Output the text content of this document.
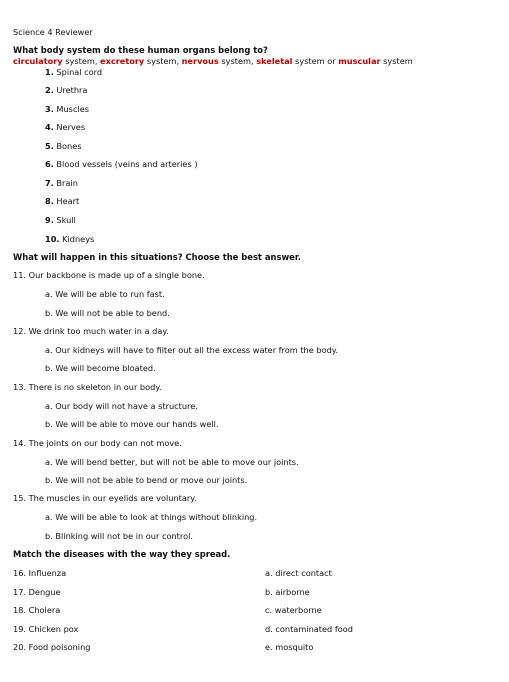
Science 4 Reviewer
What body system do these human organs belong to?
circulatory system, excretory system, nervous system, skeletal system or muscular system
1. Spinal cord
2. Urethra
3. Muscles
4. Nerves
5. Bones
6. Blood vessels (veins and arteries )
7. Brain
8. Heart
9. Skull
10. Kidneys
What will happen in this situations? Choose the best answer.
11. Our backbone is made up of a single bone.
a. We will be able to run fast.
b. We will not be able to bend.
12. We drink too much water in a day.
a. Our kidneys will have to filter out all the excess water from the body.
b. We will become bloated.
13. There is no skeleton in our body.
a. Our body will not have a structure.
b. We will be able to move our hands well.
14. The joints on our body can not move.
a. We will bend better, but will not be able to move our joints.
b. We will not be able to bend or move our joints.
15. The muscles in our eyelids are voluntary.
a. We will be able to look at things without blinking.
b. Blinking will not be in our control.
Match the diseases with the way they spread.
16. Influenza	a. direct contact
17. Dengue	b. airborne
18. Cholera	c. waterborne
19. Chicken pox	d. contaminated food
20. Food poisoning	e. mosquito
